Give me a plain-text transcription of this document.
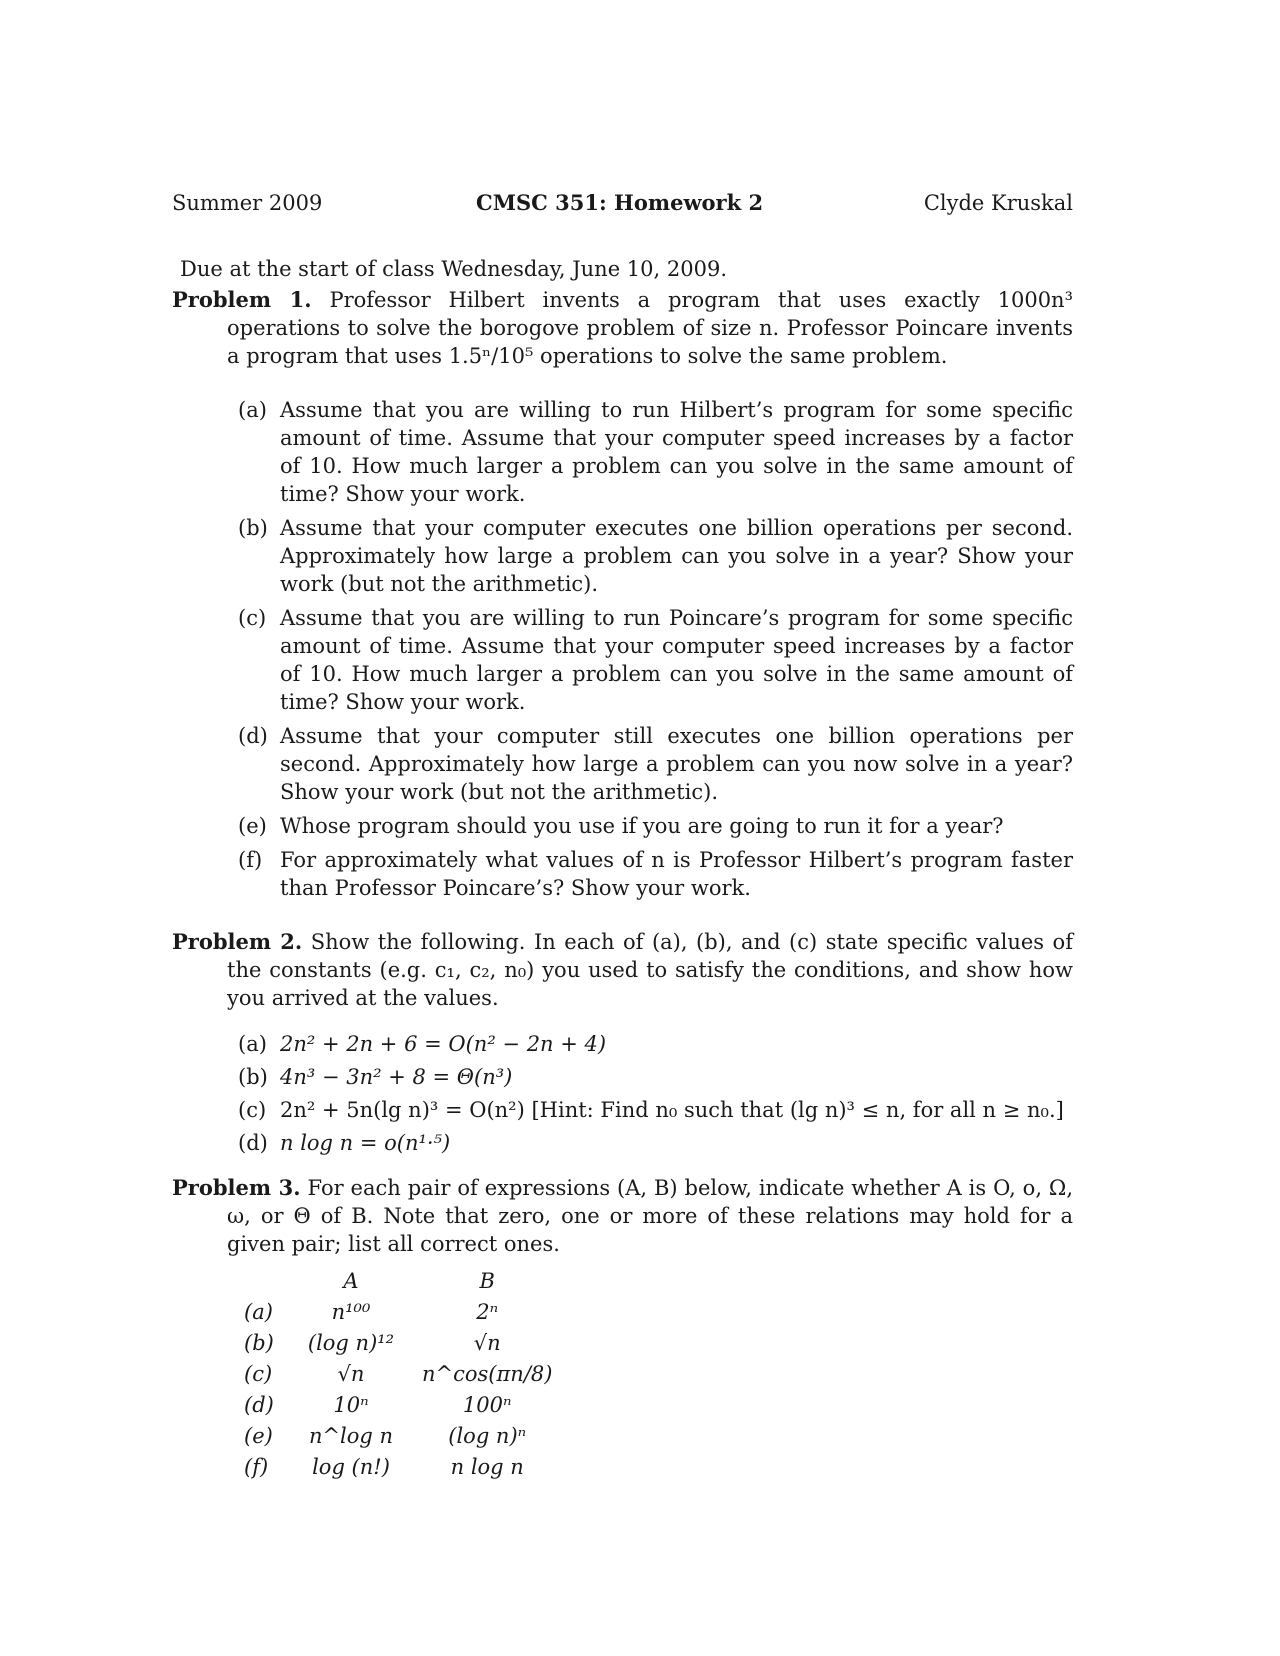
Summer 2009	CMSC 351: Homework 2	Clyde Kruskal
Due at the start of class Wednesday, June 10, 2009.

Problem 1. Professor Hilbert invents a program that uses exactly 1000n³ operations to solve the borogove problem of size n. Professor Poincare invents a program that uses 1.5ⁿ/10⁵ operations to solve the same problem.

(a) Assume that you are willing to run Hilbert’s program for some specific amount of time. Assume that your computer speed increases by a factor of 10. How much larger a problem can you solve in the same amount of time? Show your work.
(b) Assume that your computer executes one billion operations per second. Approximately how large a problem can you solve in a year? Show your work (but not the arithmetic).
(c) Assume that you are willing to run Poincare’s program for some specific amount of time. Assume that your computer speed increases by a factor of 10. How much larger a problem can you solve in the same amount of time? Show your work.
(d) Assume that your computer still executes one billion operations per second. Approximately how large a problem can you now solve in a year? Show your work (but not the arithmetic).
(e) Whose program should you use if you are going to run it for a year?
(f) For approximately what values of n is Professor Hilbert’s program faster than Professor Poincare’s? Show your work.

Problem 2. Show the following. In each of (a), (b), and (c) state specific values of the constants (e.g. c₁, c₂, n₀) you used to satisfy the conditions, and show how you arrived at the values.

(a) 2n² + 2n + 6 = O(n² − 2n + 4)
(b) 4n³ − 3n² + 8 = Θ(n³)
(c) 2n² + 5n(lg n)³ = O(n²) [Hint: Find n₀ such that (lg n)³ ≤ n, for all n ≥ n₀.]
(d) n log n = o(n¹·⁵)

Problem 3. For each pair of expressions (A, B) below, indicate whether A is O, o, Ω, ω, or Θ of B. Note that zero, one or more of these relations may hold for a given pair; list all correct ones.

	A	B
(a)	n¹⁰⁰	2ⁿ
(b)	(log n)¹²	√n
(c)	√n	n^cos(πn/8)
(d)	10ⁿ	100ⁿ
(e)	n^log n	(log n)ⁿ
(f)	log (n!)	n log n
